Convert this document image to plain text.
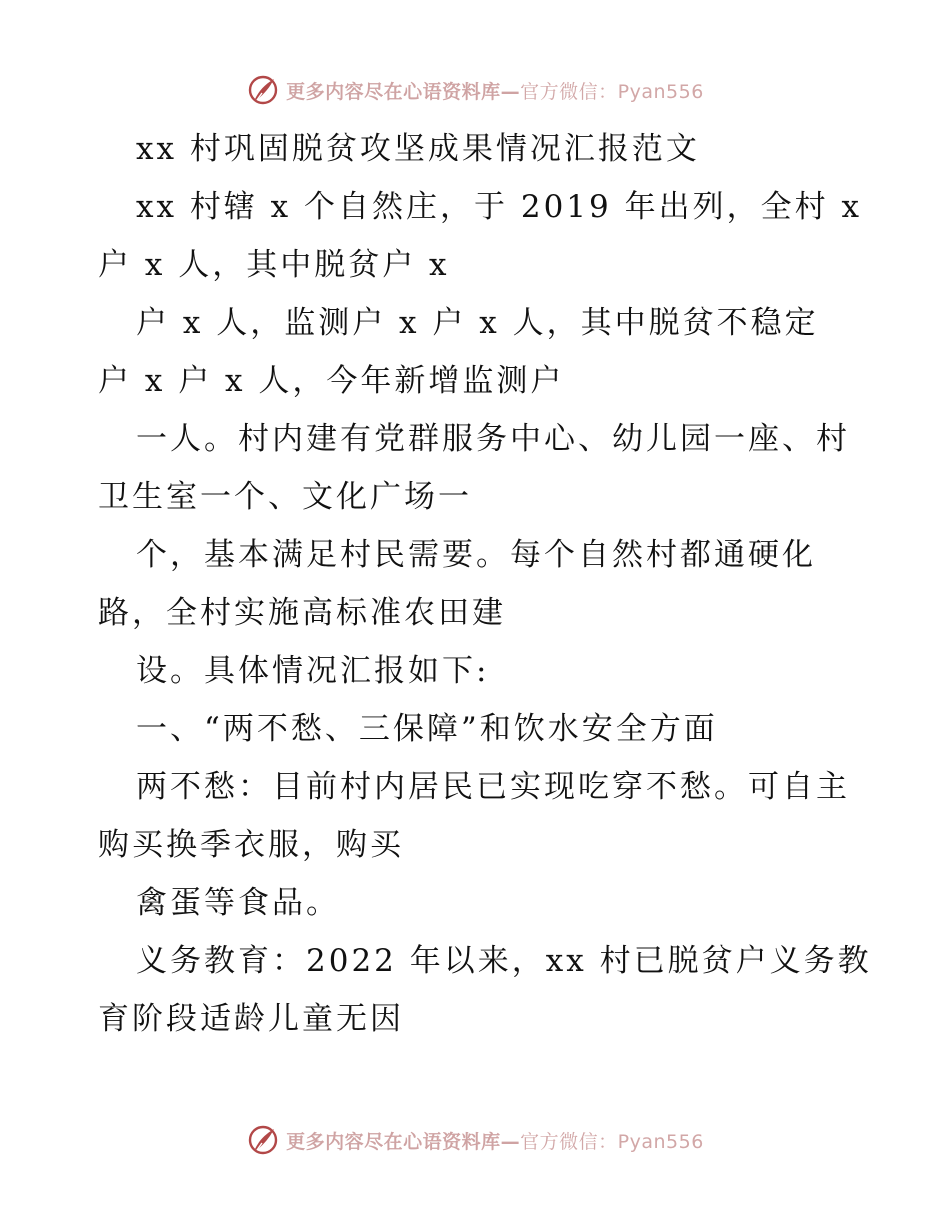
更多内容尽在心语资料库—官方微信：Pyan556
xx 村巩固脱贫攻坚成果情况汇报范文
xx 村辖 x 个自然庄，于 2019 年出列，全村 x
户 x 人，其中脱贫户 x
户 x 人，监测户 x 户 x 人，其中脱贫不稳定
户 x 户 x 人，今年新增监测户
一人。村内建有党群服务中心、幼儿园一座、村
卫生室一个、文化广场一
个，基本满足村民需要。每个自然村都通硬化
路，全村实施高标准农田建
设。具体情况汇报如下:
一、“两不愁、三保障”和饮水安全方面
两不愁：目前村内居民已实现吃穿不愁。可自主
购买换季衣服，购买
禽蛋等食品。
义务教育：2022 年以来，xx 村已脱贫户义务教
育阶段适龄儿童无因
更多内容尽在心语资料库—官方微信：Pyan556
